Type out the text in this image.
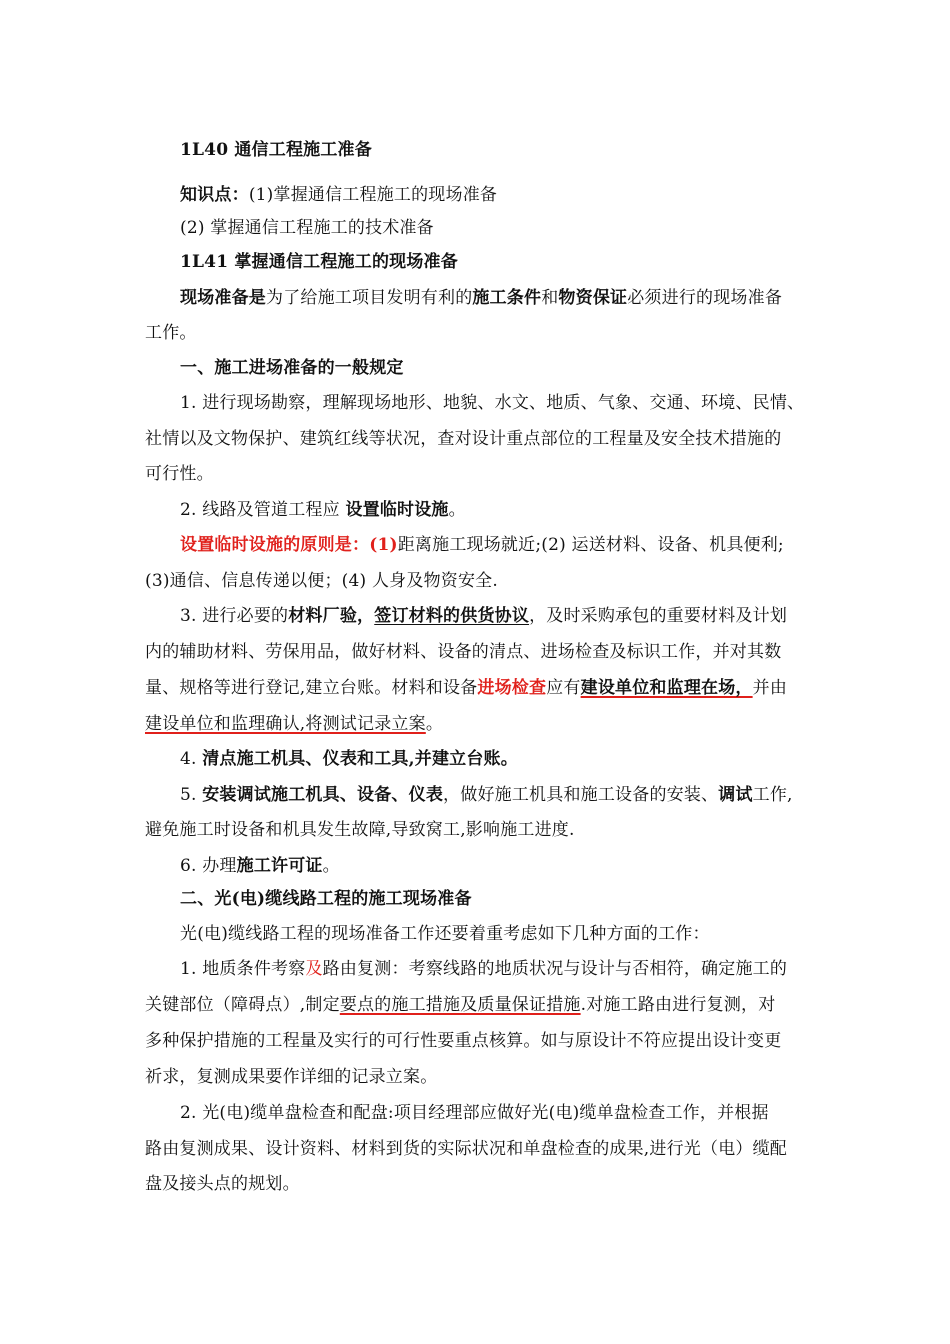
1L40 通信工程施工准备
知识点：(1)掌握通信工程施工的现场准备
(2) 掌握通信工程施工的技术准备
1L41 掌握通信工程施工的现场准备
现场准备是为了给施工项目发明有利的施工条件和物资保证必须进行的现场准备
工作。
一、施工进场准备的一般规定
1. 进行现场勘察，理解现场地形、地貌、水文、地质、气象、交通、环境、民情、
社情以及文物保护、建筑红线等状况，查对设计重点部位的工程量及安全技术措施的
可行性。
2. 线路及管道工程应 设置临时设施。
设置临时设施的原则是：(1)距离施工现场就近;(2) 运送材料、设备、机具便利;
(3)通信、信息传递以便；(4) 人身及物资安全.
3. 进行必要的材料厂验，签订材料的供货协议，及时采购承包的重要材料及计划
内的辅助材料、劳保用品，做好材料、设备的清点、进场检查及标识工作，并对其数
量、规格等进行登记,建立台账。材料和设备进场检查应有建设单位和监理在场，并由
建设单位和监理确认,将测试记录立案。
4. 清点施工机具、仪表和工具,并建立台账。
5. 安装调试施工机具、设备、仪表，做好施工机具和施工设备的安装、调试工作,
避免施工时设备和机具发生故障,导致窝工,影响施工进度.
6. 办理施工许可证。
二、光(电)缆线路工程的施工现场准备
光(电)缆线路工程的现场准备工作还要着重考虑如下几种方面的工作：
1. 地质条件考察及路由复测：考察线路的地质状况与设计与否相符，确定施工的
关键部位（障碍点）,制定要点的施工措施及质量保证措施.对施工路由进行复测，对
多种保护措施的工程量及实行的可行性要重点核算。如与原设计不符应提出设计变更
祈求，复测成果要作详细的记录立案。
2. 光(电)缆单盘检查和配盘:项目经理部应做好光(电)缆单盘检查工作，并根据
路由复测成果、设计资料、材料到货的实际状况和单盘检查的成果,进行光（电）缆配
盘及接头点的规划。
